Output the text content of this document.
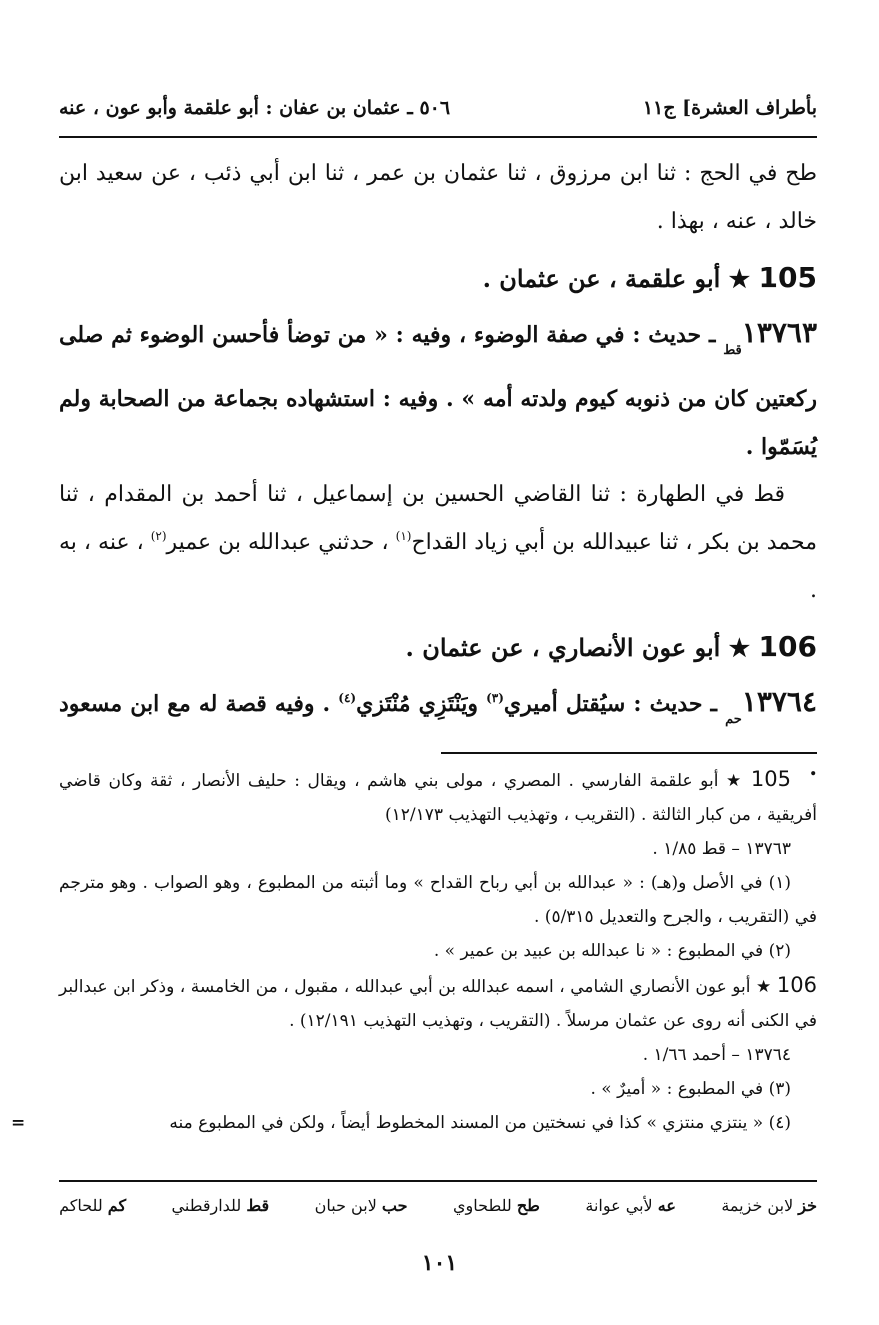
بأطراف العشرة] ج١١
٥٠٦ ـ عثمان بن عفان : أبو علقمة وأبو عون ، عنه

طح في الحج : ثنا ابن مرزوق ، ثنا عثمان بن عمر ، ثنا ابن أبي ذئب ، عن سعيد ابن خالد ، عنه ، بهذا .

105 ★ أبو علقمة ، عن عثمان .

$١٣٧٦٣_{قط}$ ـ حديث : في صفة الوضوء ، وفيه : « من توضأ فأحسن الوضوء ثم صلى ركعتين كان من ذنوبه كيوم ولدته أمه » . وفيه : استشهاده بجماعة من الصحابة ولم يُسَمّوا .

قط في الطهارة : ثنا القاضي الحسين بن إسماعيل ، ثنا أحمد بن المقدام ، ثنا محمد بن بكر ، ثنا عبيدالله بن أبي زياد القداح$^{(١)}$ ، حدثني عبدالله بن عمير$^{(٢)}$ ، عنه ، به .

106 ★ أبو عون الأنصاري ، عن عثمان .

$١٣٧٦٤_{حم}$ ـ حديث : سيُقتل أميري$^{(٣)}$ ويَنْتَزِي مُنْتَزي$^{(٤)}$ . وفيه قصة له مع ابن مسعود .

105 ★ أبو علقمة الفارسي . المصري ، مولى بني هاشم ، ويقال : حليف الأنصار ، ثقة وكان قاضي أفريقية ، من كبار الثالثة . (التقريب ، وتهذيب التهذيب ١٢/١٧٣)

١٣٧٦٣ – قط ١/٨٥ .

(١) في الأصل و(هـ) : « عبدالله بن أبي رباح القداح » وما أثبته من المطبوع ، وهو الصواب . وهو مترجم في (التقريب ، والجرح والتعديل ٥/٣١٥) .

(٢) في المطبوع : « نا عبدالله بن عبيد بن عمير » .

106 ★ أبو عون الأنصاري الشامي ، اسمه عبدالله بن أبي عبدالله ، مقبول ، من الخامسة ، وذكر ابن عبدالبر في الكنى أنه روى عن عثمان مرسلاً . (التقريب ، وتهذيب التهذيب ١٢/١٩١) .

١٣٧٦٤ – أحمد ١/٦٦ .

(٣) في المطبوع : « أميرٌ » .

(٤) « ينتزي منتزي » كذا في نسختين من المسند المخطوط أيضاً ، ولكن في المطبوع منه
=

خز لابن خزيمة
عه لأبي عوانة
طح للطحاوي
حب لابن حبان
قط للدارقطني
كم للحاكم
١٠١
